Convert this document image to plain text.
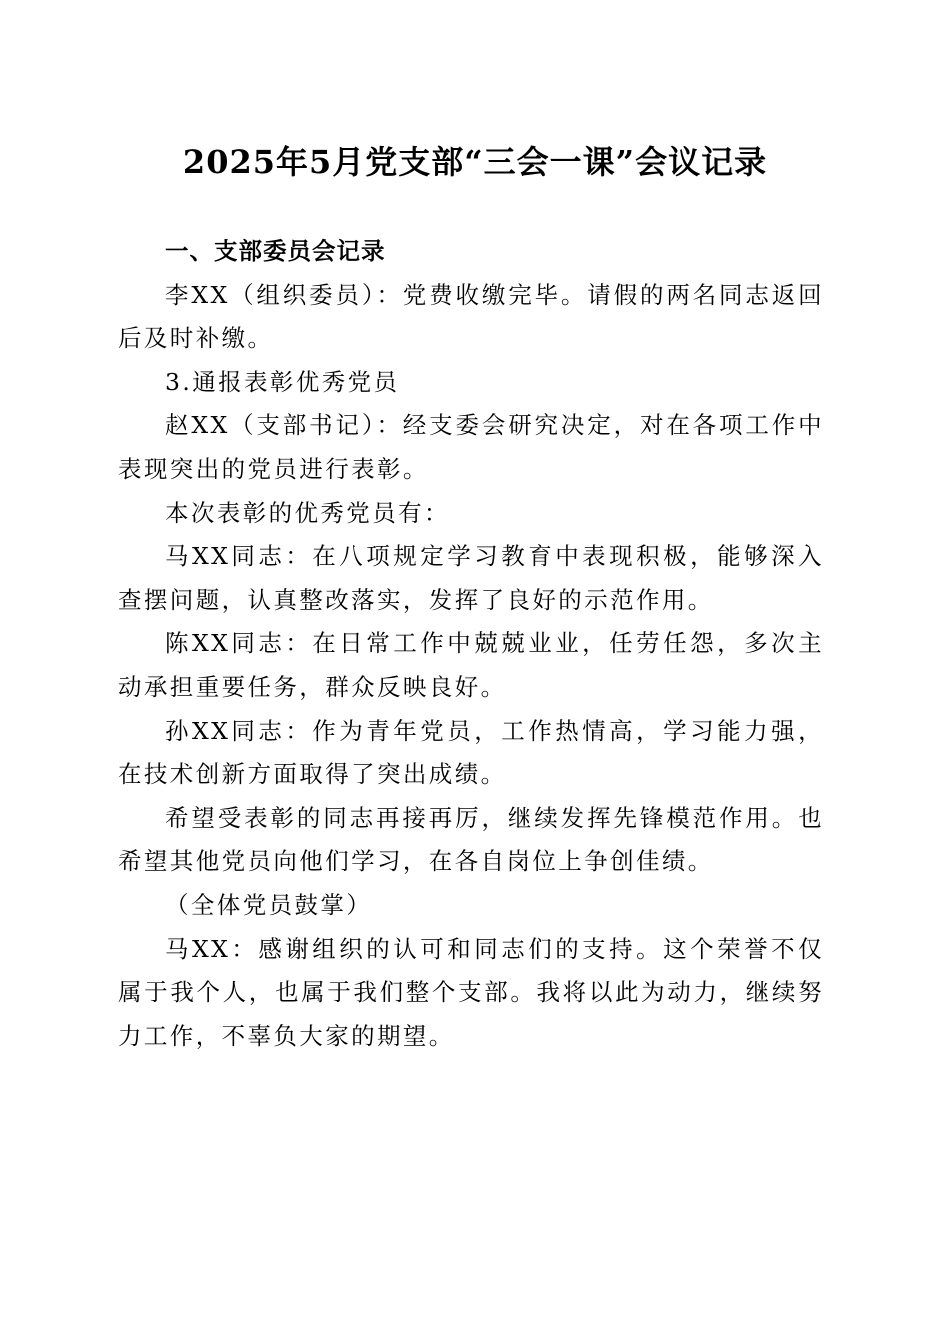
2025年5月党支部“三会一课”会议记录

一、支部委员会记录

李XX（组织委员）：党费收缴完毕。请假的两名同志返回后及时补缴。

3.通报表彰优秀党员

赵XX（支部书记）：经支委会研究决定，对在各项工作中表现突出的党员进行表彰。

本次表彰的优秀党员有：

马XX同志：在八项规定学习教育中表现积极，能够深入查摆问题，认真整改落实，发挥了良好的示范作用。

陈XX同志：在日常工作中兢兢业业，任劳任怨，多次主动承担重要任务，群众反映良好。

孙XX同志：作为青年党员，工作热情高，学习能力强，在技术创新方面取得了突出成绩。

希望受表彰的同志再接再厉，继续发挥先锋模范作用。也希望其他党员向他们学习，在各自岗位上争创佳绩。

（全体党员鼓掌）

马XX：感谢组织的认可和同志们的支持。这个荣誉不仅属于我个人，也属于我们整个支部。我将以此为动力，继续努力工作，不辜负大家的期望。
